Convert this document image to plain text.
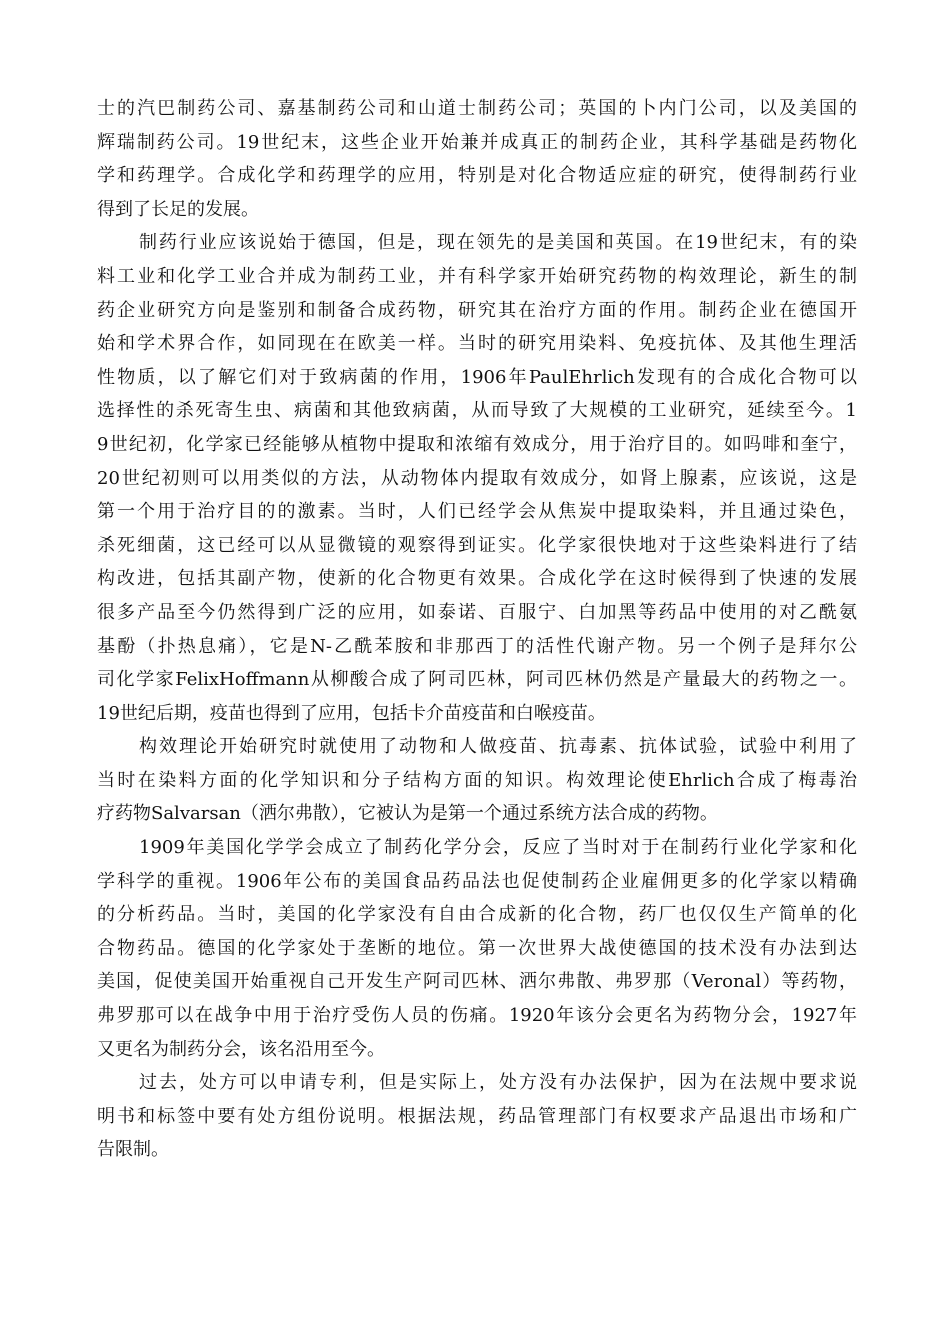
士的汽巴制药公司、嘉基制药公司和山道士制药公司；英国的卜内门公司，以及美国的
辉瑞制药公司。19世纪末，这些企业开始兼并成真正的制药企业，其科学基础是药物化
学和药理学。合成化学和药理学的应用，特别是对化合物适应症的研究，使得制药行业
得到了长足的发展。
制药行业应该说始于德国，但是，现在领先的是美国和英国。在19世纪末，有的染
料工业和化学工业合并成为制药工业，并有科学家开始研究药物的构效理论，新生的制
药企业研究方向是鉴别和制备合成药物，研究其在治疗方面的作用。制药企业在德国开
始和学术界合作，如同现在在欧美一样。当时的研究用染料、免疫抗体、及其他生理活
性物质，以了解它们对于致病菌的作用，1906年PaulEhrlich发现有的合成化合物可以
选择性的杀死寄生虫、病菌和其他致病菌，从而导致了大规模的工业研究，延续至今。1
9世纪初，化学家已经能够从植物中提取和浓缩有效成分，用于治疗目的。如吗啡和奎宁，
20世纪初则可以用类似的方法，从动物体内提取有效成分，如肾上腺素，应该说，这是
第一个用于治疗目的的激素。当时，人们已经学会从焦炭中提取染料，并且通过染色，
杀死细菌，这已经可以从显微镜的观察得到证实。化学家很快地对于这些染料进行了结
构改进，包括其副产物，使新的化合物更有效果。合成化学在这时候得到了快速的发展
很多产品至今仍然得到广泛的应用，如泰诺、百服宁、白加黑等药品中使用的对乙酰氨
基酚（扑热息痛），它是N-乙酰苯胺和非那西丁的活性代谢产物。另一个例子是拜尔公
司化学家FelixHoffmann从柳酸合成了阿司匹林，阿司匹林仍然是产量最大的药物之一。
19世纪后期，疫苗也得到了应用，包括卡介苗疫苗和白喉疫苗。
构效理论开始研究时就使用了动物和人做疫苗、抗毒素、抗体试验，试验中利用了
当时在染料方面的化学知识和分子结构方面的知识。构效理论使Ehrlich合成了梅毒治
疗药物Salvarsan（洒尔弗散），它被认为是第一个通过系统方法合成的药物。
1909年美国化学学会成立了制药化学分会，反应了当时对于在制药行业化学家和化
学科学的重视。1906年公布的美国食品药品法也促使制药企业雇佣更多的化学家以精确
的分析药品。当时，美国的化学家没有自由合成新的化合物，药厂也仅仅生产简单的化
合物药品。德国的化学家处于垄断的地位。第一次世界大战使德国的技术没有办法到达
美国，促使美国开始重视自己开发生产阿司匹林、洒尔弗散、弗罗那（Veronal）等药物，
弗罗那可以在战争中用于治疗受伤人员的伤痛。1920年该分会更名为药物分会，1927年
又更名为制药分会，该名沿用至今。
过去，处方可以申请专利，但是实际上，处方没有办法保护，因为在法规中要求说
明书和标签中要有处方组份说明。根据法规，药品管理部门有权要求产品退出市场和广
告限制。
